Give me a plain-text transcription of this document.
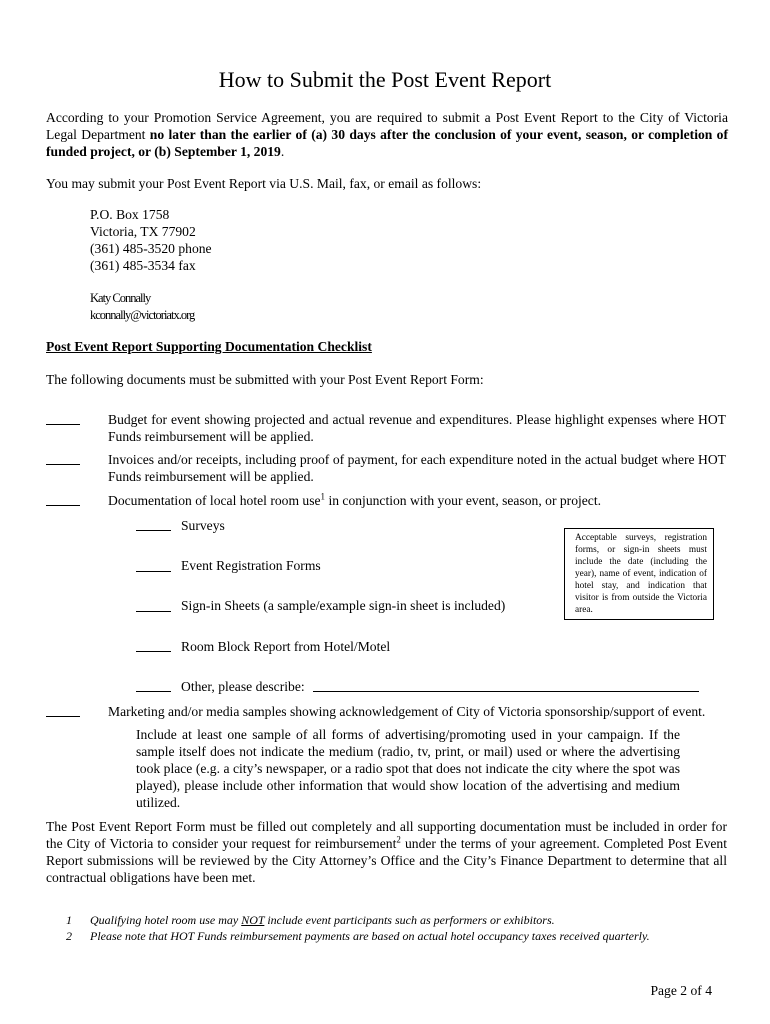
How to Submit the Post Event Report
According to your Promotion Service Agreement, you are required to submit a Post Event Report to the City of Victoria Legal Department no later than the earlier of (a) 30 days after the conclusion of your event, season, or completion of funded project, or (b) September 1, 2019.
You may submit your Post Event Report via U.S. Mail, fax, or email as follows:
P.O. Box 1758
Victoria, TX 77902
(361) 485-3520 phone
(361) 485-3534 fax
Katy Connally
kconnally@victoriatx.org
Post Event Report Supporting Documentation Checklist
The following documents must be submitted with your Post Event Report Form:
Budget for event showing projected and actual revenue and expenditures. Please highlight expenses where HOT Funds reimbursement will be applied.
Invoices and/or receipts, including proof of payment, for each expenditure noted in the actual budget where HOT Funds reimbursement will be applied.
Documentation of local hotel room use$^1$ in conjunction with your event, season, or project.
Surveys
Event Registration Forms
Sign-in Sheets (a sample/example sign-in sheet is included)
Room Block Report from Hotel/Motel
Other, please describe:
Acceptable surveys, registration forms, or sign-in sheets must include the date (including the year), name of event, indication of hotel stay, and indication that visitor is from outside the Victoria area.
Marketing and/or media samples showing acknowledgement of City of Victoria sponsorship/support of event.
Include at least one sample of all forms of advertising/promoting used in your campaign. If the sample itself does not indicate the medium (radio, tv, print, or mail) used or where the advertising took place (e.g. a city’s newspaper, or a radio spot that does not indicate the city where the spot was played), please include other information that would show location of the advertising and medium utilized.
The Post Event Report Form must be filled out completely and all supporting documentation must be included in order for the City of Victoria to consider your request for reimbursement$^2$ under the terms of your agreement. Completed Post Event Report submissions will be reviewed by the City Attorney’s Office and the City’s Finance Department to determine that all contractual obligations have been met.
1 Qualifying hotel room use may NOT include event participants such as performers or exhibitors.
2 Please note that HOT Funds reimbursement payments are based on actual hotel occupancy taxes received quarterly.
Page 2 of 4
